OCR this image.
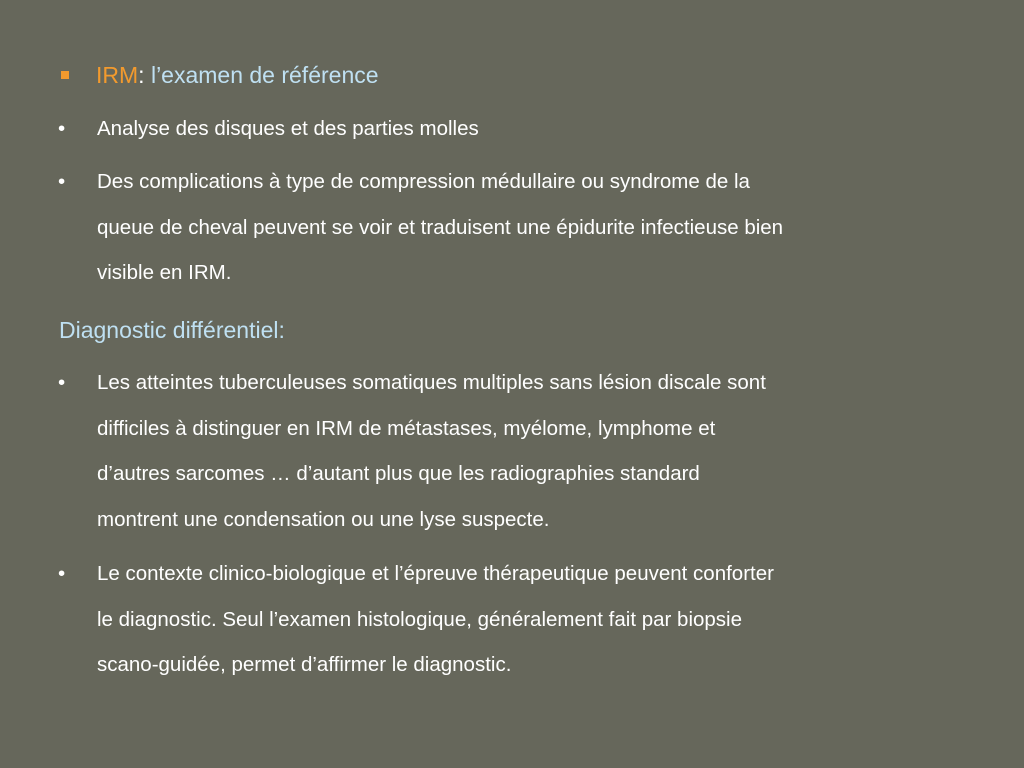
IRM: l’examen de référence
•	Analyse des disques et des parties molles
•	Des complications à type de compression médullaire ou syndrome de la
queue de cheval peuvent se voir et traduisent une épidurite infectieuse bien
visible en IRM.
Diagnostic différentiel:
•	Les atteintes tuberculeuses somatiques multiples sans lésion discale sont
difficiles à distinguer en IRM de métastases, myélome, lymphome et
d’autres sarcomes … d’autant plus que les radiographies standard
montrent une condensation ou une lyse suspecte.
•	Le contexte clinico-biologique et l’épreuve thérapeutique peuvent conforter
le diagnostic. Seul l’examen histologique, généralement fait par biopsie
scano-guidée, permet d’affirmer le diagnostic.
